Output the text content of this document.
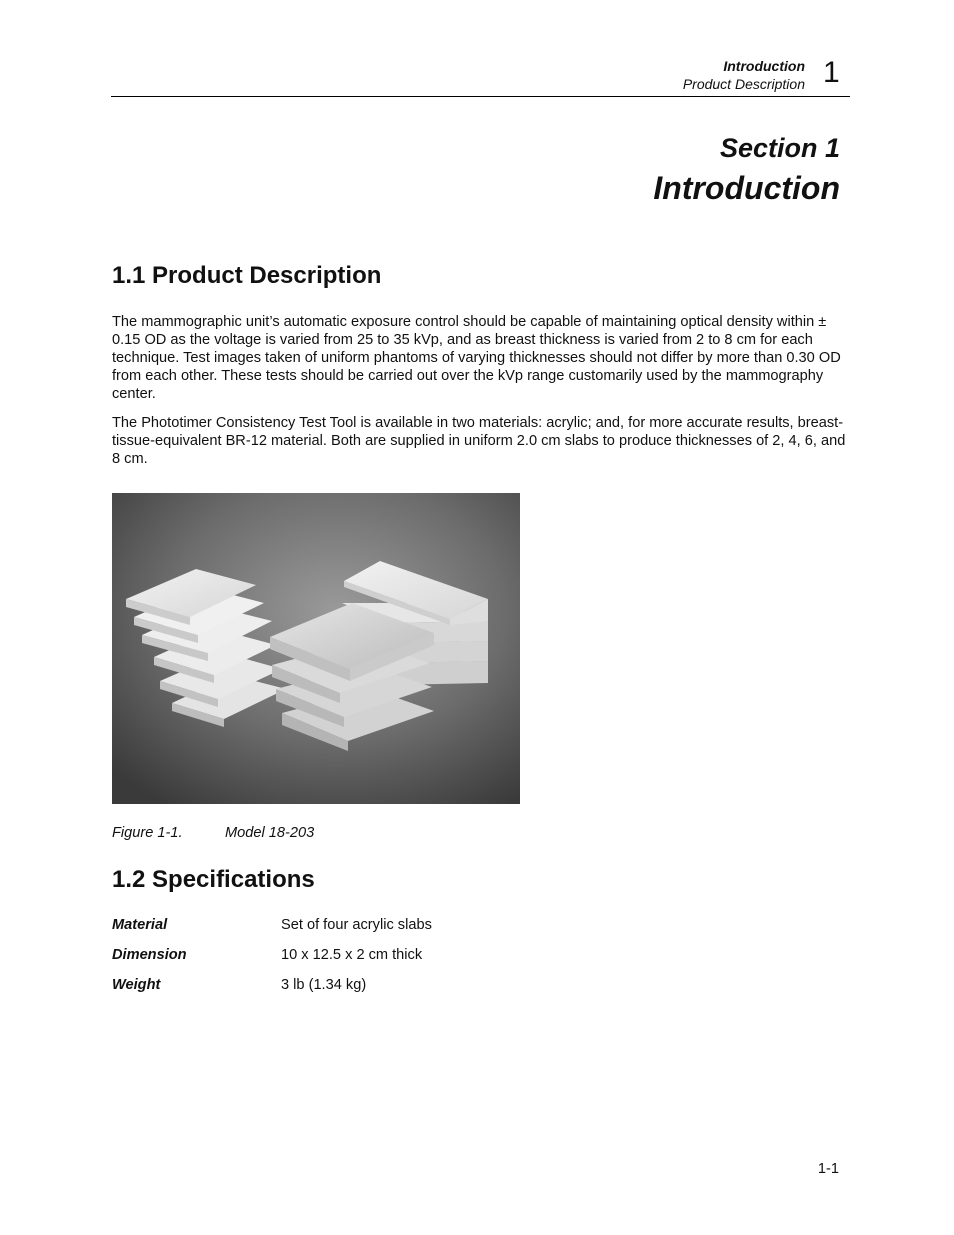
Introduction
Product Description 1
Section 1
Introduction
1.1 Product Description

The mammographic unit’s automatic exposure control should be capable of maintaining optical density within ± 0.15 OD as the voltage is varied from 25 to 35 kVp, and as breast thickness is varied from 2 to 8 cm for each technique. Test images taken of uniform phantoms of varying thicknesses should not differ by more than 0.30 OD from each other. These tests should be carried out over the kVp range customarily used by the mammography center.

The Phototimer Consistency Test Tool is available in two materials: acrylic; and, for more accurate results, breast-tissue-equivalent BR-12 material. Both are supplied in uniform 2.0 cm slabs to produce thicknesses of 2, 4, 6, and 8 cm.

Figure 1-1.	Model 18-203
1.2 Specifications
Material	Set of four acrylic slabs
Dimension	10 x 12.5 x 2 cm thick
Weight	3 lb (1.34 kg)
1-1
